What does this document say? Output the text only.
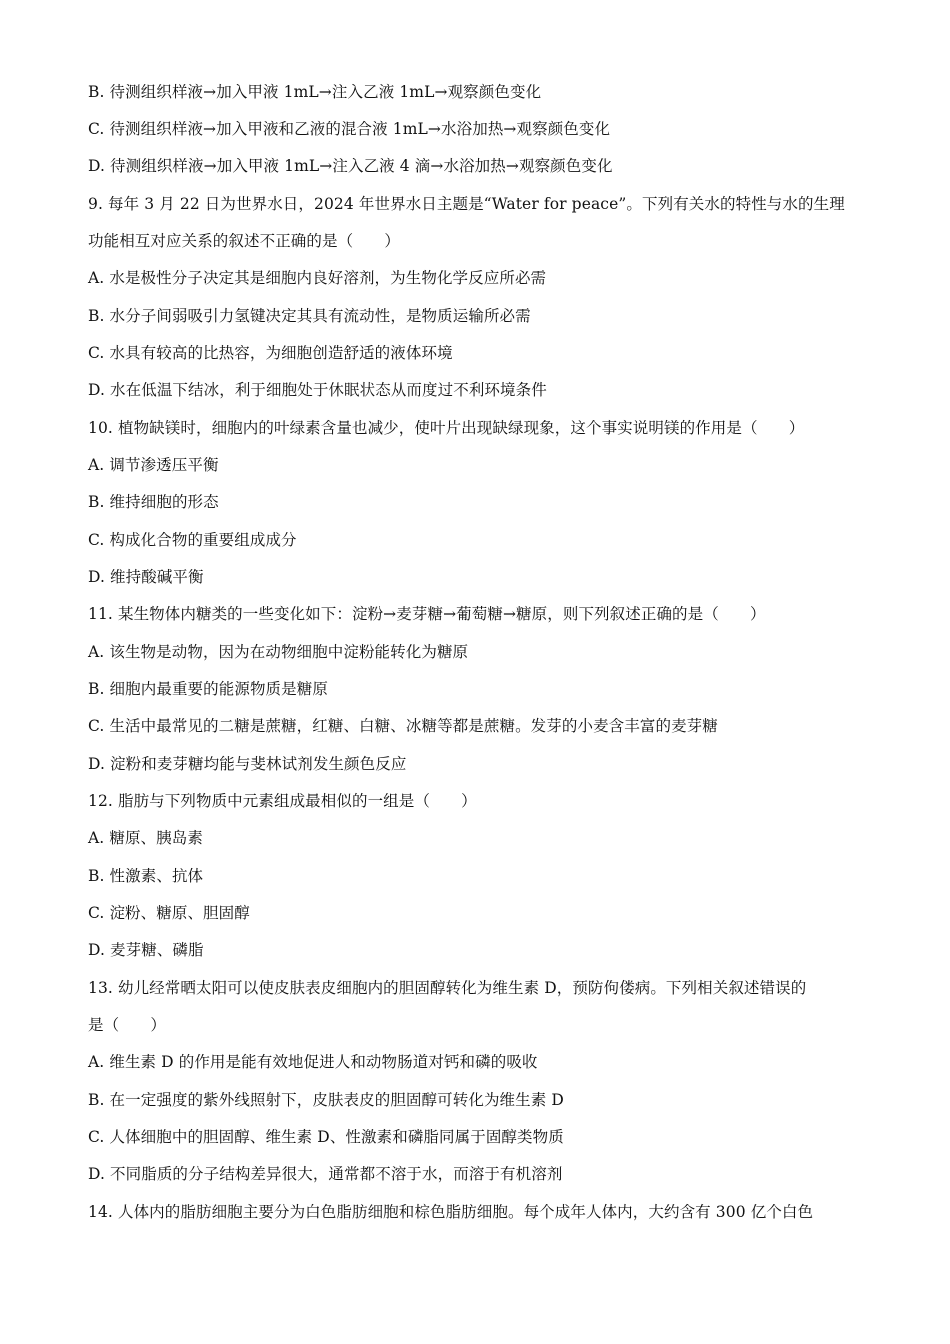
B. 待测组织样液→加入甲液 1mL→注入乙液 1mL→观察颜色变化
C. 待测组织样液→加入甲液和乙液的混合液 1mL→水浴加热→观察颜色变化
D. 待测组织样液→加入甲液 1mL→注入乙液 4 滴→水浴加热→观察颜色变化
9. 每年 3 月 22 日为世界水日，2024 年世界水日主题是“Water for peace”。下列有关水的特性与水的生理
功能相互对应关系的叙述不正确的是（　　）
A. 水是极性分子决定其是细胞内良好溶剂，为生物化学反应所必需
B. 水分子间弱吸引力氢键决定其具有流动性，是物质运输所必需
C. 水具有较高的比热容，为细胞创造舒适的液体环境
D. 水在低温下结冰，利于细胞处于休眠状态从而度过不利环境条件
10. 植物缺镁时，细胞内的叶绿素含量也减少，使叶片出现缺绿现象，这个事实说明镁的作用是（　　）
A. 调节渗透压平衡
B. 维持细胞的形态
C. 构成化合物的重要组成成分
D. 维持酸碱平衡
11. 某生物体内糖类的一些变化如下：淀粉→麦芽糖→葡萄糖→糖原，则下列叙述正确的是（　　）
A. 该生物是动物，因为在动物细胞中淀粉能转化为糖原
B. 细胞内最重要的能源物质是糖原
C. 生活中最常见的二糖是蔗糖，红糖、白糖、冰糖等都是蔗糖。发芽的小麦含丰富的麦芽糖
D. 淀粉和麦芽糖均能与斐林试剂发生颜色反应
12. 脂肪与下列物质中元素组成最相似的一组是（　　）
A. 糖原、胰岛素
B. 性激素、抗体
C. 淀粉、糖原、胆固醇
D. 麦芽糖、磷脂
13. 幼儿经常晒太阳可以使皮肤表皮细胞内的胆固醇转化为维生素 D，预防佝偻病。下列相关叙述错误的
是（　　）
A. 维生素 D 的作用是能有效地促进人和动物肠道对钙和磷的吸收
B. 在一定强度的紫外线照射下，皮肤表皮的胆固醇可转化为维生素 D
C. 人体细胞中的胆固醇、维生素 D、性激素和磷脂同属于固醇类物质
D. 不同脂质的分子结构差异很大，通常都不溶于水，而溶于有机溶剂
14. 人体内的脂肪细胞主要分为白色脂肪细胞和棕色脂肪细胞。每个成年人体内，大约含有 300 亿个白色
